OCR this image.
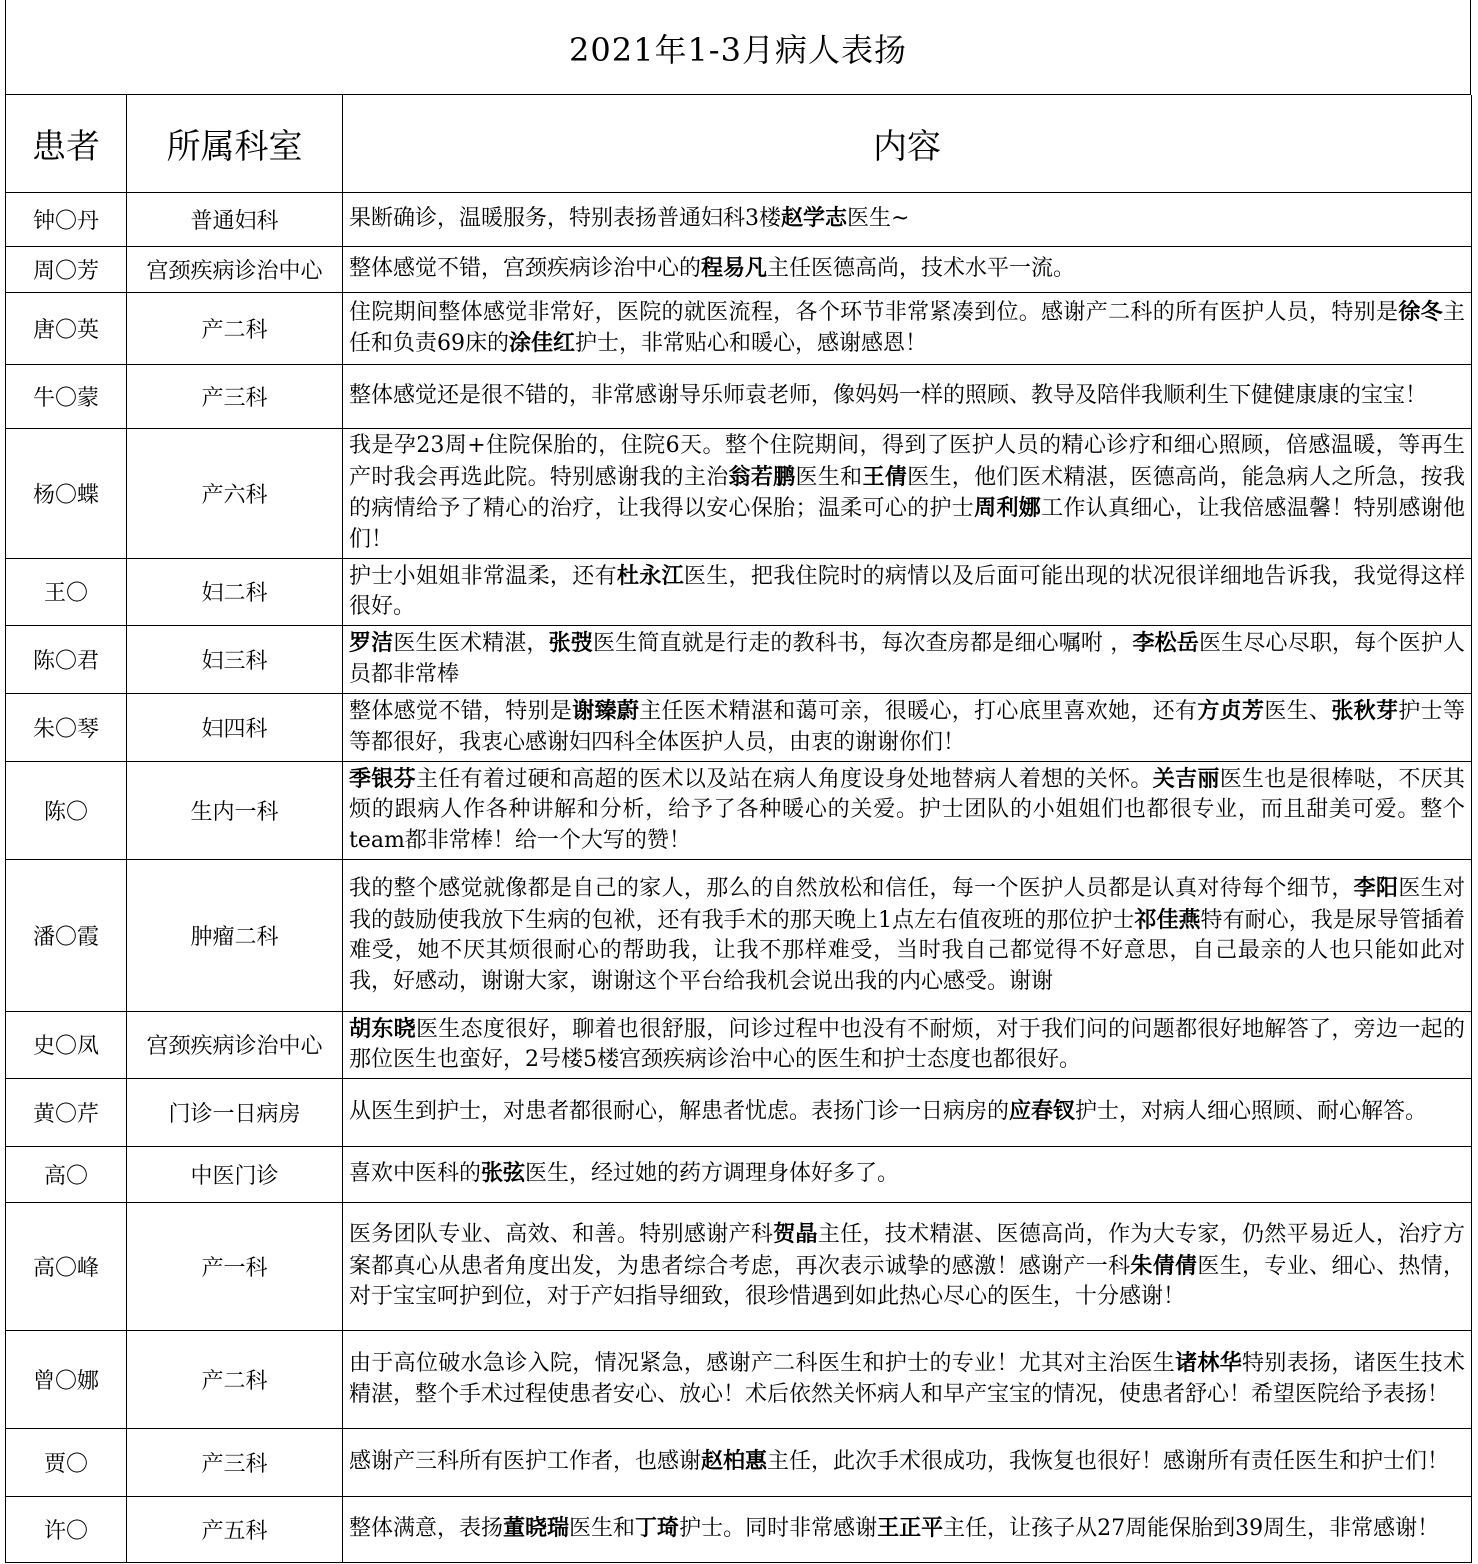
2021年1-3月病人表扬
患者	所属科室	内容
钟〇丹	普通妇科	果断确诊，温暖服务，特别表扬普通妇科3楼赵学志医生~
周〇芳	宫颈疾病诊治中心	整体感觉不错，宫颈疾病诊治中心的程易凡主任医德高尚，技术水平一流。
唐〇英	产二科	住院期间整体感觉非常好，医院的就医流程，各个环节非常紧凑到位。感谢产二科的所有医护人员，特别是徐冬主任和负责69床的涂佳红护士，非常贴心和暖心，感谢感恩！
牛〇蒙	产三科	整体感觉还是很不错的，非常感谢导乐师袁老师，像妈妈一样的照顾、教导及陪伴我顺利生下健健康康的宝宝！
杨〇蝶	产六科	我是孕23周+住院保胎的，住院6天。整个住院期间，得到了医护人员的精心诊疗和细心照顾，倍感温暖，等再生产时我会再选此院。特别感谢我的主治翁若鹏医生和王倩医生，他们医术精湛，医德高尚，能急病人之所急，按我的病情给予了精心的治疗，让我得以安心保胎；温柔可心的护士周利娜工作认真细心，让我倍感温馨！特别感谢他们！
王〇	妇二科	护士小姐姐非常温柔，还有杜永江医生，把我住院时的病情以及后面可能出现的状况很详细地告诉我，我觉得这样很好。
陈〇君	妇三科	罗洁医生医术精湛，张弢医生简直就是行走的教科书，每次查房都是细心嘱咐 ，李松岳医生尽心尽职，每个医护人员都非常棒
朱〇琴	妇四科	整体感觉不错，特别是谢臻蔚主任医术精湛和蔼可亲，很暖心，打心底里喜欢她，还有方贞芳医生、张秋芽护士等等都很好，我衷心感谢妇四科全体医护人员，由衷的谢谢你们！
陈〇	生内一科	季银芬主任有着过硬和高超的医术以及站在病人角度设身处地替病人着想的关怀。关吉丽医生也是很棒哒，不厌其烦的跟病人作各种讲解和分析，给予了各种暖心的关爱。护士团队的小姐姐们也都很专业，而且甜美可爱。整个team都非常棒！给一个大写的赞！
潘〇霞	肿瘤二科	我的整个感觉就像都是自己的家人，那么的自然放松和信任，每一个医护人员都是认真对待每个细节，李阳医生对我的鼓励使我放下生病的包袱，还有我手术的那天晚上1点左右值夜班的那位护士祁佳燕特有耐心，我是尿导管插着难受，她不厌其烦很耐心的帮助我，让我不那样难受，当时我自己都觉得不好意思，自己最亲的人也只能如此对我，好感动，谢谢大家，谢谢这个平台给我机会说出我的内心感受。谢谢
史〇凤	宫颈疾病诊治中心	胡东晓医生态度很好，聊着也很舒服，问诊过程中也没有不耐烦，对于我们问的问题都很好地解答了，旁边一起的那位医生也蛮好，2号楼5楼宫颈疾病诊治中心的医生和护士态度也都很好。
黄〇芹	门诊一日病房	从医生到护士，对患者都很耐心，解患者忧虑。表扬门诊一日病房的应春钗护士，对病人细心照顾、耐心解答。
高〇	中医门诊	喜欢中医科的张弦医生，经过她的药方调理身体好多了。
高〇峰	产一科	医务团队专业、高效、和善。特别感谢产科贺晶主任，技术精湛、医德高尚，作为大专家，仍然平易近人，治疗方案都真心从患者角度出发，为患者综合考虑，再次表示诚挚的感激！感谢产一科朱倩倩医生，专业、细心、热情，对于宝宝呵护到位，对于产妇指导细致，很珍惜遇到如此热心尽心的医生，十分感谢！
曾〇娜	产二科	由于高位破水急诊入院，情况紧急，感谢产二科医生和护士的专业！尤其对主治医生诸林华特别表扬，诸医生技术精湛，整个手术过程使患者安心、放心！术后依然关怀病人和早产宝宝的情况，使患者舒心！希望医院给予表扬！
贾〇	产三科	感谢产三科所有医护工作者，也感谢赵柏惠主任，此次手术很成功，我恢复也很好！感谢所有责任医生和护士们！
许〇	产五科	整体满意，表扬董晓瑞医生和丁琦护士。同时非常感谢王正平主任，让孩子从27周能保胎到39周生，非常感谢！
